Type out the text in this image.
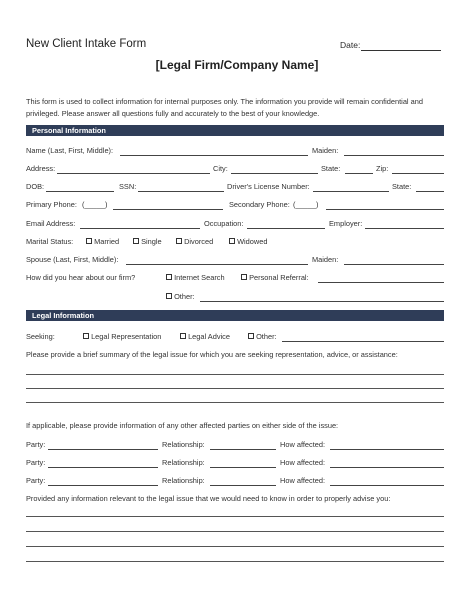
New Client Intake Form	Date:
[Legal Firm/Company Name]
This form is used to collect information for internal purposes only. The information you provide will remain confidential and privileged. Please answer all questions fully and accurately to the best of your knowledge.
Personal Information
Name (Last, First, Middle):	Maiden:
Address:	City:	State:	Zip:
DOB:	SSN:	Driver's License Number:	State:
Primary Phone: (_____)	Secondary Phone: (_____)
Email Address:	Occupation:	Employer:
Marital Status:	Married	Single	Divorced	Widowed
Spouse (Last, First, Middle):	Maiden:
How did you hear about our firm?	Internet Search	Personal Referral:
Other:
Legal Information
Seeking:	Legal Representation	Legal Advice	Other:
Please provide a brief summary of the legal issue for which you are seeking representation, advice, or assistance:
If applicable, please provide information of any other affected parties on either side of the issue:
Party:	Relationship:	How affected:
Party:	Relationship:	How affected:
Party:	Relationship:	How affected:
Provided any information relevant to the legal issue that we would need to know in order to properly advise you:
